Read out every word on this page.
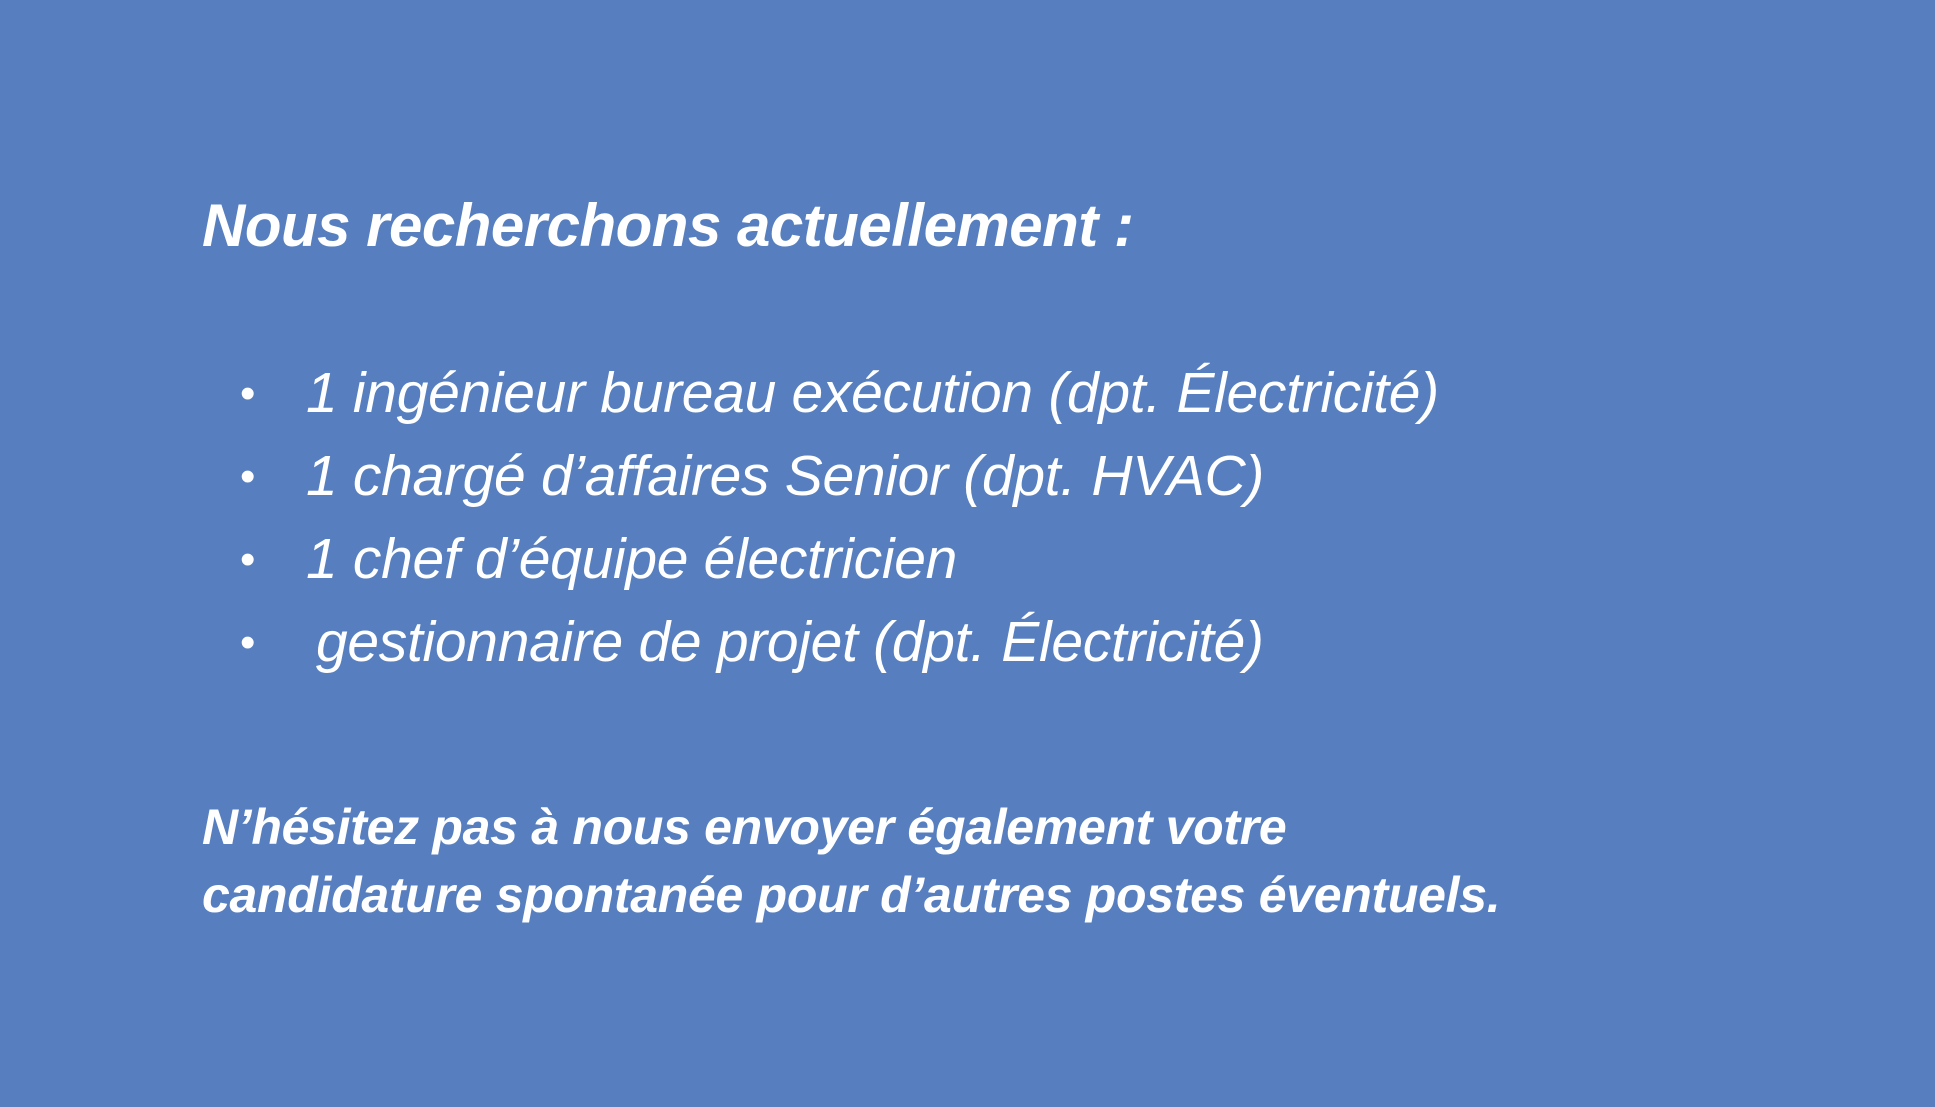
Nous recherchons actuellement :
• 1 ingénieur bureau exécution (dpt. Électricité)
• 1 chargé d’affaires Senior (dpt. HVAC)
• 1 chef d’équipe électricien
• gestionnaire de projet (dpt. Électricité)

N’hésitez pas à nous envoyer également votre
candidature spontanée pour d’autres postes éventuels.
